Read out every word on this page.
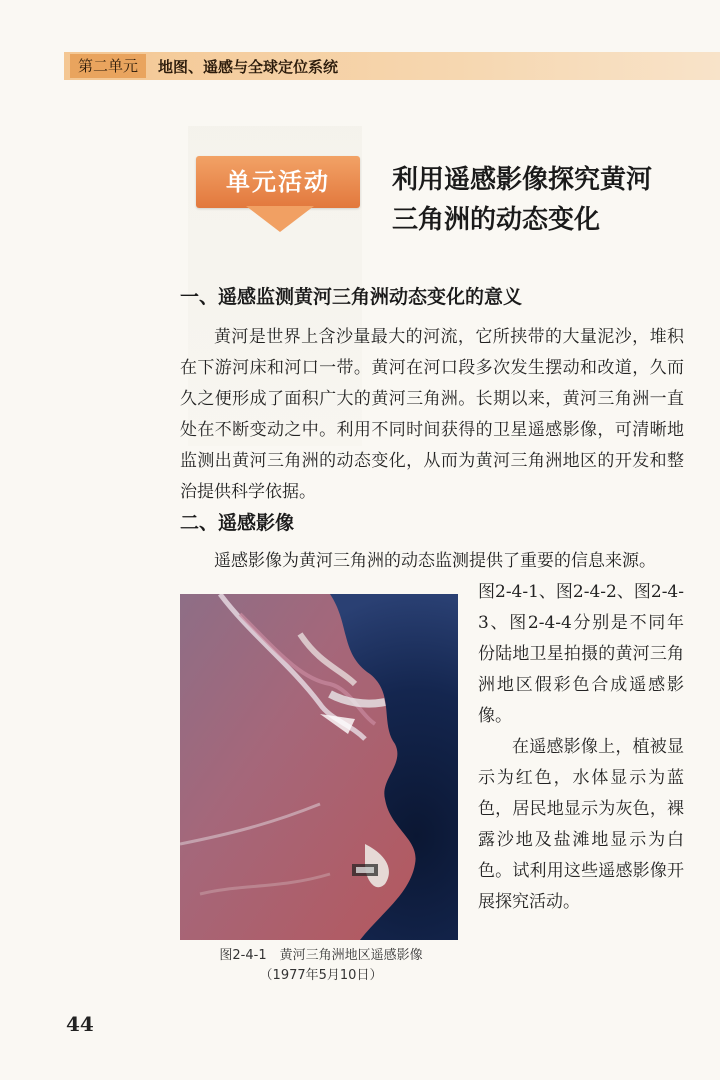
第二单元	地图、遥感与全球定位系统
单元活动	利用遥感影像探究黄河
三角洲的动态变化
一、遥感监测黄河三角洲动态变化的意义
黄河是世界上含沙量最大的河流，它所挟带的大量泥沙，堆积在下游河床和河口一带。黄河在河口段多次发生摆动和改道，久而久之便形成了面积广大的黄河三角洲。长期以来，黄河三角洲一直处在不断变动之中。利用不同时间获得的卫星遥感影像，可清晰地监测出黄河三角洲的动态变化，从而为黄河三角洲地区的开发和整治提供科学依据。
二、遥感影像
遥感影像为黄河三角洲的动态监测提供了重要的信息来源。
图2-4-1、图2-4-2、图2-4-3、图2-4-4分别是不同年份陆地卫星拍摄的黄河三角洲地区假彩色合成遥感影像。
在遥感影像上，植被显示为红色，水体显示为蓝色，居民地显示为灰色，裸露沙地及盐滩地显示为白色。试利用这些遥感影像开展探究活动。
图2-4-1　黄河三角洲地区遥感影像
（1977年5月10日）
44
